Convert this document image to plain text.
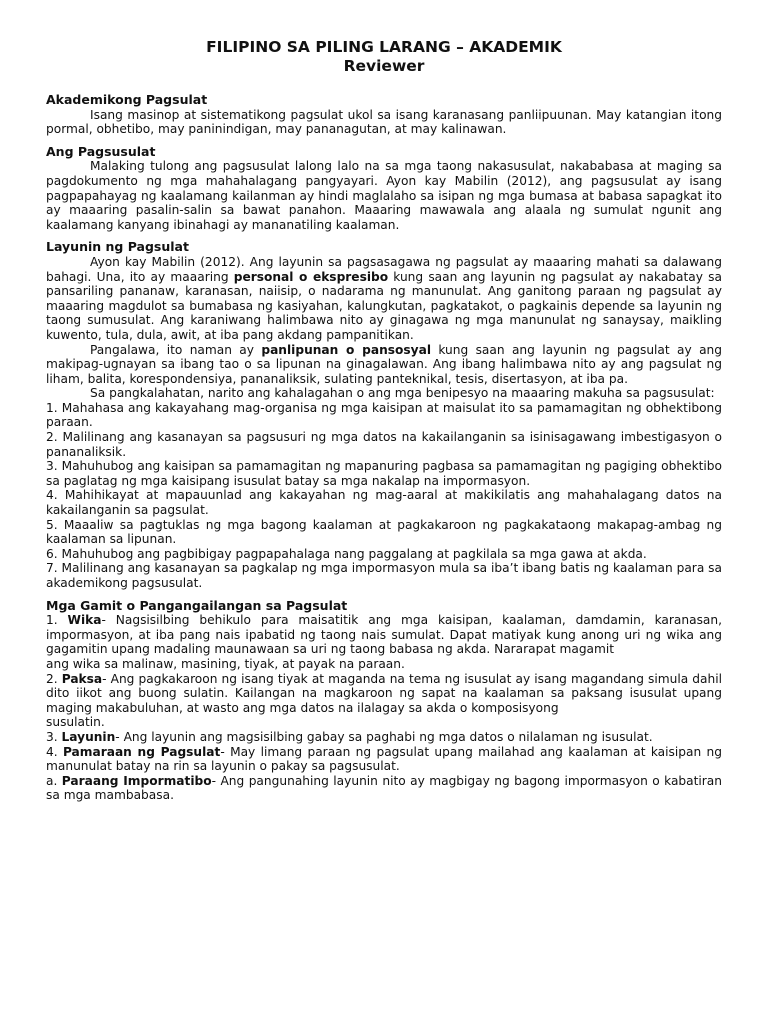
FILIPINO SA PILING LARANG – AKADEMIK
Reviewer

Akademikong Pagsulat

Isang masinop at sistematikong pagsulat ukol sa isang karanasang panliipuunan. May katangian itong pormal, obhetibo, may paninindigan, may pananagutan, at may kalinawan.

Ang Pagsusulat

Malaking tulong ang pagsusulat lalong lalo na sa mga taong nakasusulat, nakababasa at maging sa pagdokumento ng mga mahahalagang pangyayari. Ayon kay Mabilin (2012), ang pagsusulat ay isang pagpapahayag ng kaalamang kailanman ay hindi maglalaho sa isipan ng mga bumasa at babasa sapagkat ito ay maaaring pasalin-salin sa bawat panahon. Maaaring mawawala ang alaala ng sumulat ngunit ang kaalamang kanyang ibinahagi ay mananatiling kaalaman.

Layunin ng Pagsulat

Ayon kay Mabilin (2012). Ang layunin sa pagsasagawa ng pagsulat ay maaaring mahati sa dalawang bahagi. Una, ito ay maaaring personal o ekspresibo kung saan ang layunin ng pagsulat ay nakabatay sa pansariling pananaw, karanasan, naiisip, o nadarama ng manunulat. Ang ganitong paraan ng pagsulat ay maaaring magdulot sa bumabasa ng kasiyahan, kalungkutan, pagkatakot, o pagkainis depende sa layunin ng taong sumusulat. Ang karaniwang halimbawa nito ay ginagawa ng mga manunulat ng sanaysay, maikling kuwento, tula, dula, awit, at iba pang akdang pampanitikan.

Pangalawa, ito naman ay panlipunan o pansosyal kung saan ang layunin ng pagsulat ay ang makipag-ugnayan sa ibang tao o sa lipunan na ginagalawan. Ang ibang halimbawa nito ay ang pagsulat ng liham, balita, korespondensiya, pananaliksik, sulating panteknikal, tesis, disertasyon, at iba pa.

Sa pangkalahatan, narito ang kahalagahan o ang mga benipesyo na maaaring makuha sa pagsusulat:

1. Mahahasa ang kakayahang mag-organisa ng mga kaisipan at maisulat ito sa pamamagitan ng obhektibong paraan.

2. Malilinang ang kasanayan sa pagsusuri ng mga datos na kakailanganin sa isinisagawang imbestigasyon o pananaliksik.

3. Mahuhubog ang kaisipan sa pamamagitan ng mapanuring pagbasa sa pamamagitan ng pagiging obhektibo sa paglatag ng mga kaisipang isusulat batay sa mga nakalap na impormasyon.

4. Mahihikayat at mapauunlad ang kakayahan ng mag-aaral at makikilatis ang mahahalagang datos na kakailanganin sa pagsulat.

5. Maaaliw sa pagtuklas ng mga bagong kaalaman at pagkakaroon ng pagkakataong makapag-ambag ng kaalaman sa lipunan.

6. Mahuhubog ang pagbibigay pagpapahalaga nang paggalang at pagkilala sa mga gawa at akda.

7. Malilinang ang kasanayan sa pagkalap ng mga impormasyon mula sa iba’t ibang batis ng kaalaman para sa akademikong pagsusulat.

Mga Gamit o Pangangailangan sa Pagsulat

1. Wika- Nagsisilbing behikulo para maisatitik ang mga kaisipan, kaalaman, damdamin, karanasan, impormasyon, at iba pang nais ipabatid ng taong nais sumulat. Dapat matiyak kung anong uri ng wika ang gagamitin upang madaling maunawaan sa uri ng taong babasa ng akda. Nararapat magamit

ang wika sa malinaw, masining, tiyak, at payak na paraan.

2. Paksa- Ang pagkakaroon ng isang tiyak at maganda na tema ng isusulat ay isang magandang simula dahil dito iikot ang buong sulatin. Kailangan na magkaroon ng sapat na kaalaman sa paksang isusulat upang maging makabuluhan, at wasto ang mga datos na ilalagay sa akda o komposisyong

susulatin.

3. Layunin- Ang layunin ang magsisilbing gabay sa paghabi ng mga datos o nilalaman ng isusulat.

4. Pamaraan ng Pagsulat- May limang paraan ng pagsulat upang mailahad ang kaalaman at kaisipan ng manunulat batay na rin sa layunin o pakay sa pagsusulat.

a. Paraang Impormatibo- Ang pangunahing layunin nito ay magbigay ng bagong impormasyon o kabatiran sa mga mambabasa.
